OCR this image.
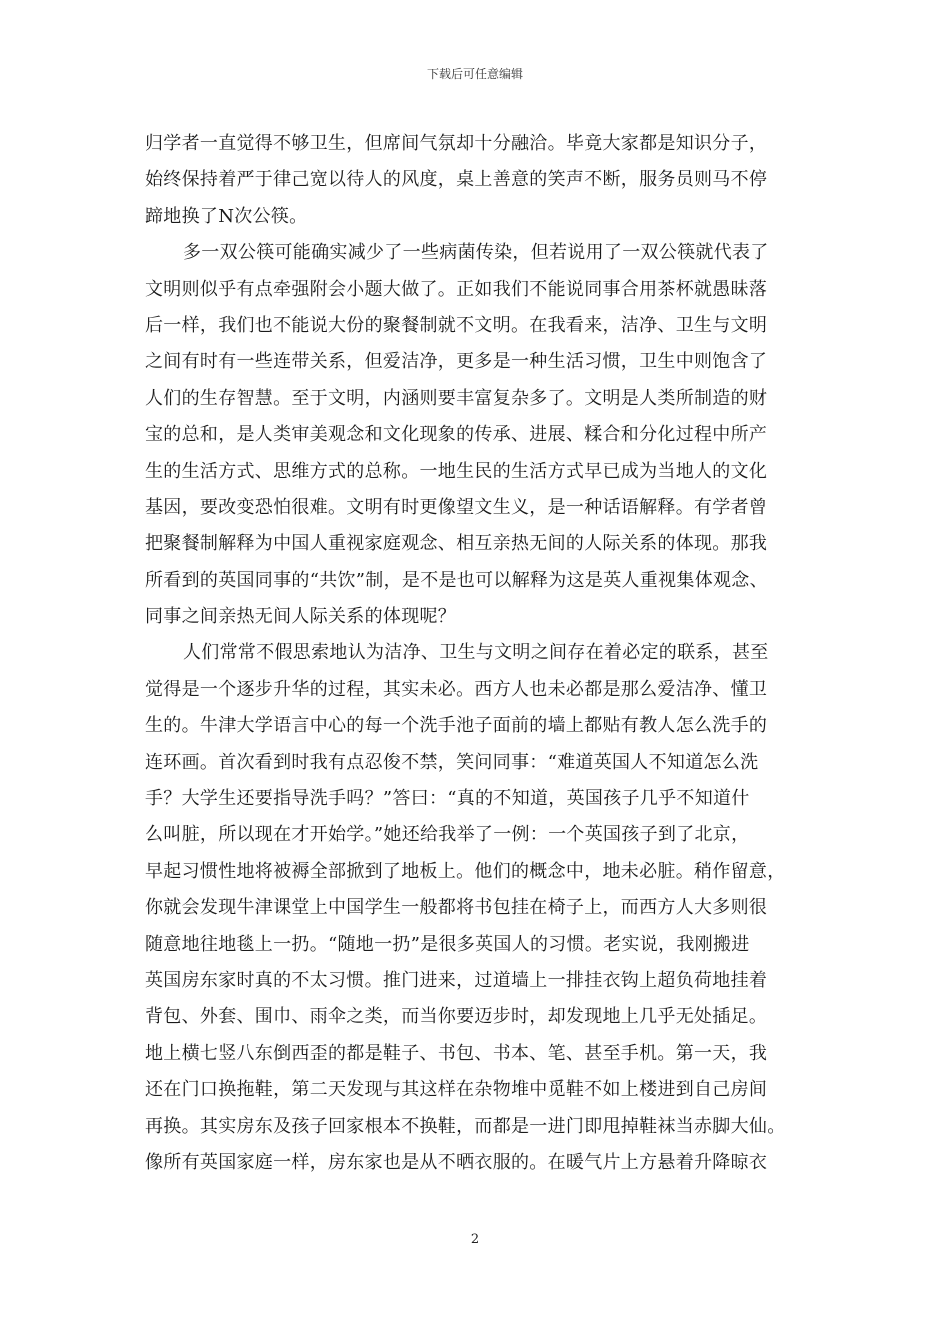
下载后可任意编辑
归学者一直觉得不够卫生，但席间气氛却十分融洽。毕竟大家都是知识分子，
始终保持着严于律己宽以待人的风度，桌上善意的笑声不断，服务员则马不停
蹄地换了N次公筷。
多一双公筷可能确实减少了一些病菌传染，但若说用了一双公筷就代表了
文明则似乎有点牵强附会小题大做了。正如我们不能说同事合用茶杯就愚昧落
后一样，我们也不能说大份的聚餐制就不文明。在我看来，洁净、卫生与文明
之间有时有一些连带关系，但爱洁净，更多是一种生活习惯，卫生中则饱含了
人们的生存智慧。至于文明，内涵则要丰富复杂多了。文明是人类所制造的财
宝的总和，是人类审美观念和文化现象的传承、进展、糅合和分化过程中所产
生的生活方式、思维方式的总称。一地生民的生活方式早已成为当地人的文化
基因，要改变恐怕很难。文明有时更像望文生义，是一种话语解释。有学者曾
把聚餐制解释为中国人重视家庭观念、相互亲热无间的人际关系的体现。那我
所看到的英国同事的“共饮”制，是不是也可以解释为这是英人重视集体观念、
同事之间亲热无间人际关系的体现呢？
人们常常不假思索地认为洁净、卫生与文明之间存在着必定的联系，甚至
觉得是一个逐步升华的过程，其实未必。西方人也未必都是那么爱洁净、懂卫
生的。牛津大学语言中心的每一个洗手池子面前的墙上都贴有教人怎么洗手的
连环画。首次看到时我有点忍俊不禁，笑问同事：“难道英国人不知道怎么洗
手？大学生还要指导洗手吗？”答曰：“真的不知道，英国孩子几乎不知道什
么叫脏，所以现在才开始学。”她还给我举了一例：一个英国孩子到了北京，
早起习惯性地将被褥全部掀到了地板上。他们的概念中，地未必脏。稍作留意，
你就会发现牛津课堂上中国学生一般都将书包挂在椅子上，而西方人大多则很
随意地往地毯上一扔。“随地一扔”是很多英国人的习惯。老实说，我刚搬进
英国房东家时真的不太习惯。推门进来，过道墙上一排挂衣钩上超负荷地挂着
背包、外套、围巾、雨伞之类，而当你要迈步时，却发现地上几乎无处插足。
地上横七竖八东倒西歪的都是鞋子、书包、书本、笔、甚至手机。第一天，我
还在门口换拖鞋，第二天发现与其这样在杂物堆中觅鞋不如上楼进到自己房间
再换。其实房东及孩子回家根本不换鞋，而都是一进门即甩掉鞋袜当赤脚大仙。
像所有英国家庭一样，房东家也是从不晒衣服的。在暖气片上方悬着升降晾衣
2
